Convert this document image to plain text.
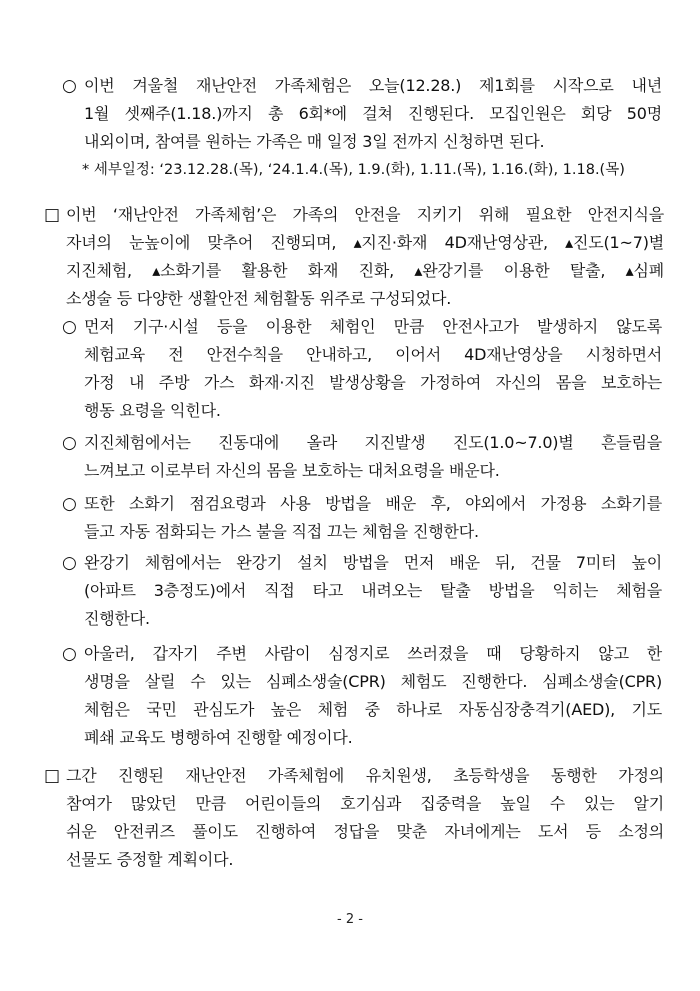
○ 이번 겨울철 재난안전 가족체험은 오늘(12.28.) 제1회를 시작으로 내년
1월 셋째주(1.18.)까지 총 6회*에 걸쳐 진행된다. 모집인원은 회당 50명
내외이며, 참여를 원하는 가족은 매 일정 3일 전까지 신청하면 된다.
* 세부일정: ‘23.12.28.(목), ‘24.1.4.(목), 1.9.(화), 1.11.(목), 1.16.(화), 1.18.(목)
□ 이번 ‘재난안전 가족체험’은 가족의 안전을 지키기 위해 필요한 안전지식을
자녀의 눈높이에 맞추어 진행되며, ▴지진·화재 4D재난영상관, ▴진도(1~7)별
지진체험, ▴소화기를 활용한 화재 진화, ▴완강기를 이용한 탈출, ▴심폐
소생술 등 다양한 생활안전 체험활동 위주로 구성되었다.
○ 먼저 기구·시설 등을 이용한 체험인 만큼 안전사고가 발생하지 않도록
체험교육 전 안전수칙을 안내하고, 이어서 4D재난영상을 시청하면서
가정 내 주방 가스 화재·지진 발생상황을 가정하여 자신의 몸을 보호하는
행동 요령을 익힌다.
○ 지진체험에서는 진동대에 올라 지진발생 진도(1.0~7.0)별 흔들림을
느껴보고 이로부터 자신의 몸을 보호하는 대처요령을 배운다.
○ 또한 소화기 점검요령과 사용 방법을 배운 후, 야외에서 가정용 소화기를
들고 자동 점화되는 가스 불을 직접 끄는 체험을 진행한다.
○ 완강기 체험에서는 완강기 설치 방법을 먼저 배운 뒤, 건물 7미터 높이
(아파트 3층정도)에서 직접 타고 내려오는 탈출 방법을 익히는 체험을
진행한다.
○ 아울러, 갑자기 주변 사람이 심정지로 쓰러졌을 때 당황하지 않고 한
생명을 살릴 수 있는 심폐소생술(CPR) 체험도 진행한다. 심폐소생술(CPR)
체험은 국민 관심도가 높은 체험 중 하나로 자동심장충격기(AED), 기도
폐쇄 교육도 병행하여 진행할 예정이다.
□ 그간 진행된 재난안전 가족체험에 유치원생, 초등학생을 동행한 가정의
참여가 많았던 만큼 어린이들의 호기심과 집중력을 높일 수 있는 알기
쉬운 안전퀴즈 풀이도 진행하여 정답을 맞춘 자녀에게는 도서 등 소정의
선물도 증정할 계획이다.
- 2 -
